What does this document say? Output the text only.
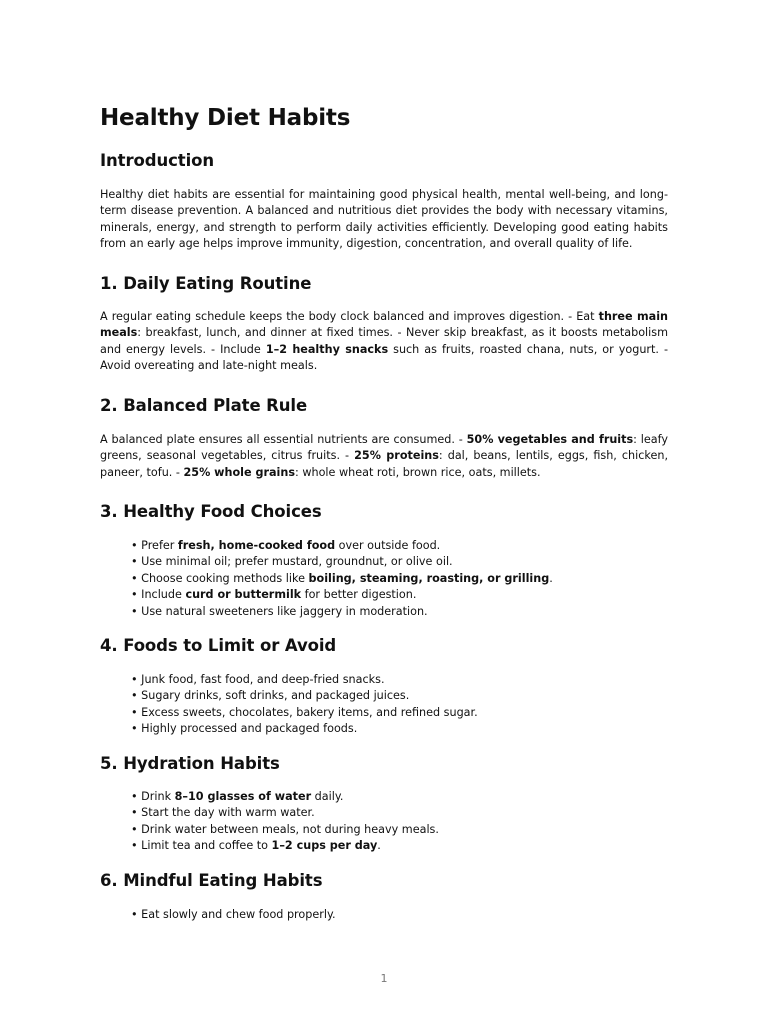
Healthy Diet Habits
Introduction

Healthy diet habits are essential for maintaining good physical health, mental well-being, and long-term disease prevention. A balanced and nutritious diet provides the body with necessary vitamins, minerals, energy, and strength to perform daily activities efficiently. Developing good eating habits from an early age helps improve immunity, digestion, concentration, and overall quality of life.

1. Daily Eating Routine

A regular eating schedule keeps the body clock balanced and improves digestion. - Eat three main meals: breakfast, lunch, and dinner at fixed times. - Never skip breakfast, as it boosts metabolism and energy levels. - Include 1–2 healthy snacks such as fruits, roasted chana, nuts, or yogurt. - Avoid overeating and late-night meals.

2. Balanced Plate Rule

A balanced plate ensures all essential nutrients are consumed. - 50% vegetables and fruits: leafy greens, seasonal vegetables, citrus fruits. - 25% proteins: dal, beans, lentils, eggs, fish, chicken, paneer, tofu. - 25% whole grains: whole wheat roti, brown rice, oats, millets.

3. Healthy Food Choices
• Prefer fresh, home-cooked food over outside food.
• Use minimal oil; prefer mustard, groundnut, or olive oil.
• Choose cooking methods like boiling, steaming, roasting, or grilling.
• Include curd or buttermilk for better digestion.
• Use natural sweeteners like jaggery in moderation.
4. Foods to Limit or Avoid
• Junk food, fast food, and deep-fried snacks.
• Sugary drinks, soft drinks, and packaged juices.
• Excess sweets, chocolates, bakery items, and refined sugar.
• Highly processed and packaged foods.
5. Hydration Habits
• Drink 8–10 glasses of water daily.
• Start the day with warm water.
• Drink water between meals, not during heavy meals.
• Limit tea and coffee to 1–2 cups per day.
6. Mindful Eating Habits
• Eat slowly and chew food properly.
1
